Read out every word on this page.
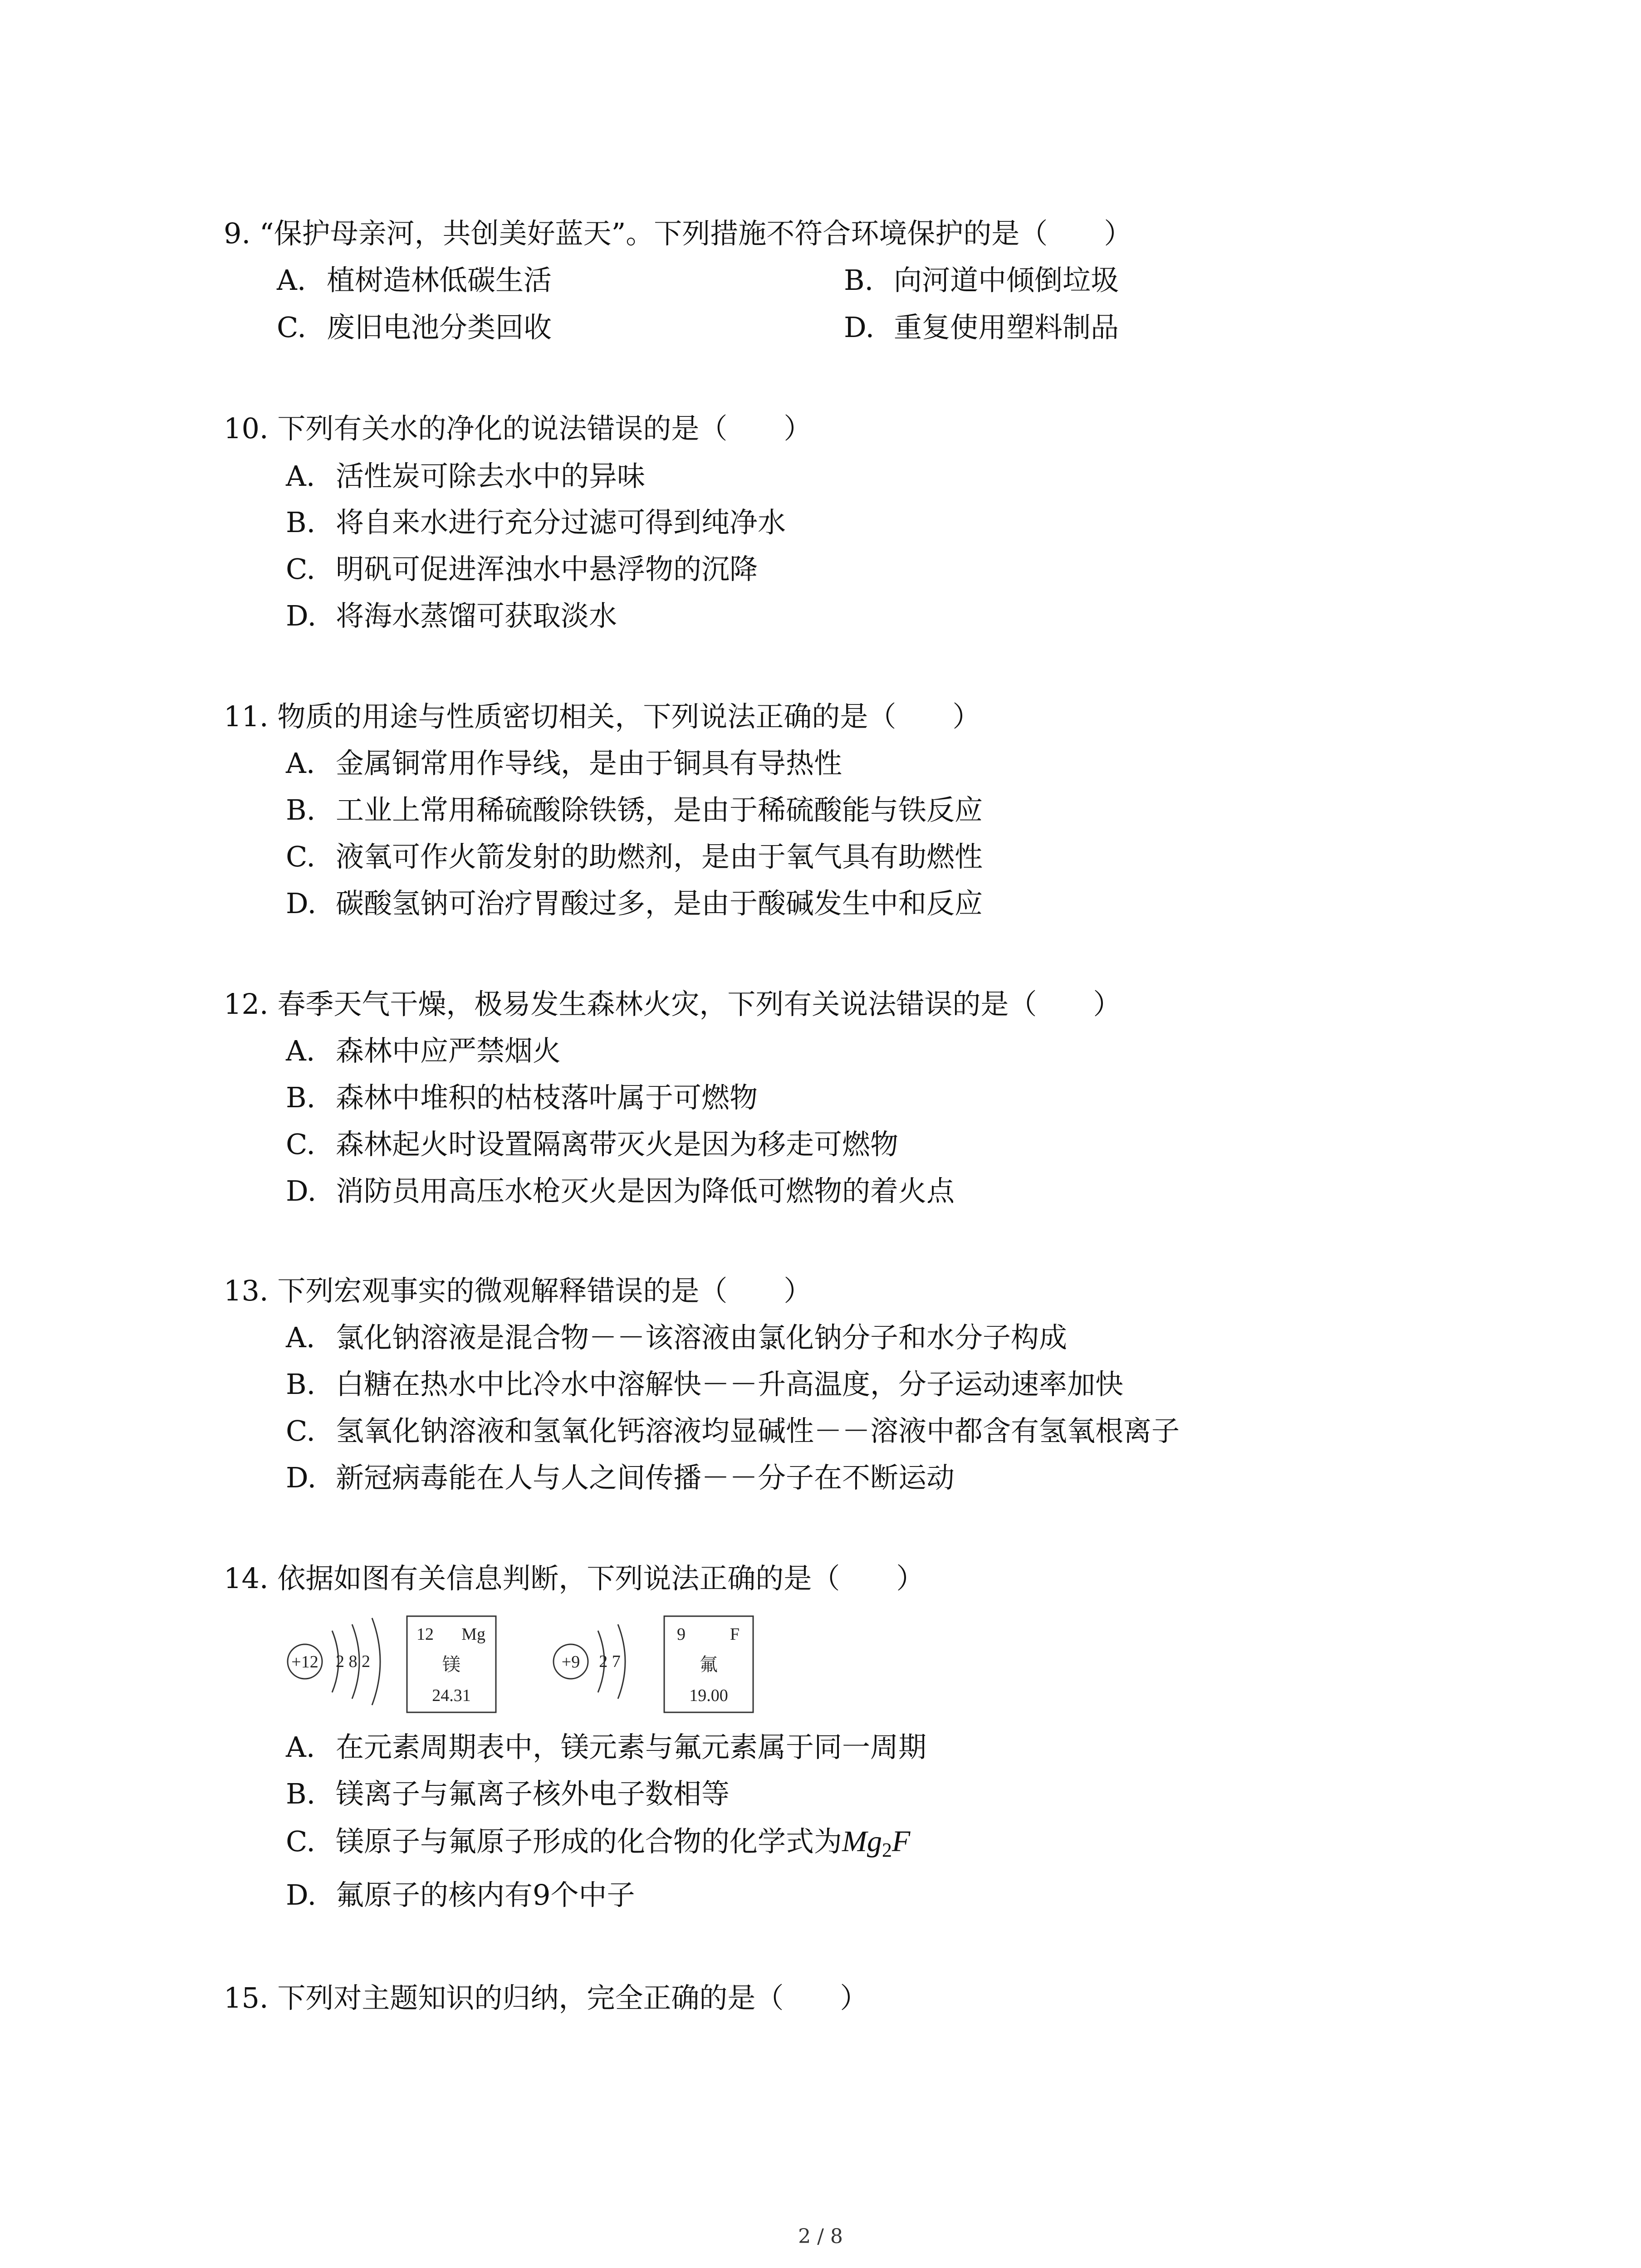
9. “保护母亲河，共创美好蓝天”。下列措施不符合环境保护的是（　　）
A. 植树造林低碳生活	B. 向河道中倾倒垃圾
C. 废旧电池分类回收	D. 重复使用塑料制品
10. 下列有关水的净化的说法错误的是（　　）
A. 活性炭可除去水中的异味
B. 将自来水进行充分过滤可得到纯净水
C. 明矾可促进浑浊水中悬浮物的沉降
D. 将海水蒸馏可获取淡水
11. 物质的用途与性质密切相关，下列说法正确的是（　　）
A. 金属铜常用作导线，是由于铜具有导热性
B. 工业上常用稀硫酸除铁锈，是由于稀硫酸能与铁反应
C. 液氧可作火箭发射的助燃剂，是由于氧气具有助燃性
D. 碳酸氢钠可治疗胃酸过多，是由于酸碱发生中和反应
12. 春季天气干燥，极易发生森林火灾，下列有关说法错误的是（　　）
A. 森林中应严禁烟火
B. 森林中堆积的枯枝落叶属于可燃物
C. 森林起火时设置隔离带灭火是因为移走可燃物
D. 消防员用高压水枪灭火是因为降低可燃物的着火点
13. 下列宏观事实的微观解释错误的是（　　）
A. 氯化钠溶液是混合物－－该溶液由氯化钠分子和水分子构成
B. 白糖在热水中比冷水中溶解快－－升高温度，分子运动速率加快
C. 氢氧化钠溶液和氢氧化钙溶液均显碱性－－溶液中都含有氢氧根离子
D. 新冠病毒能在人与人之间传播－－分子在不断运动
14. 依据如图有关信息判断，下列说法正确的是（　　）
+12 2 8 2
12 Mg
镁
24.31
+9 2 7
9	F
氟
19.00
A. 在元素周期表中，镁元素与氟元素属于同一周期
B. 镁离子与氟离子核外电子数相等
C. 镁原子与氟原子形成的化合物的化学式为$Mg_2F$
D. 氟原子的核内有9个中子
15. 下列对主题知识的归纳，完全正确的是（　　）
2 / 8
